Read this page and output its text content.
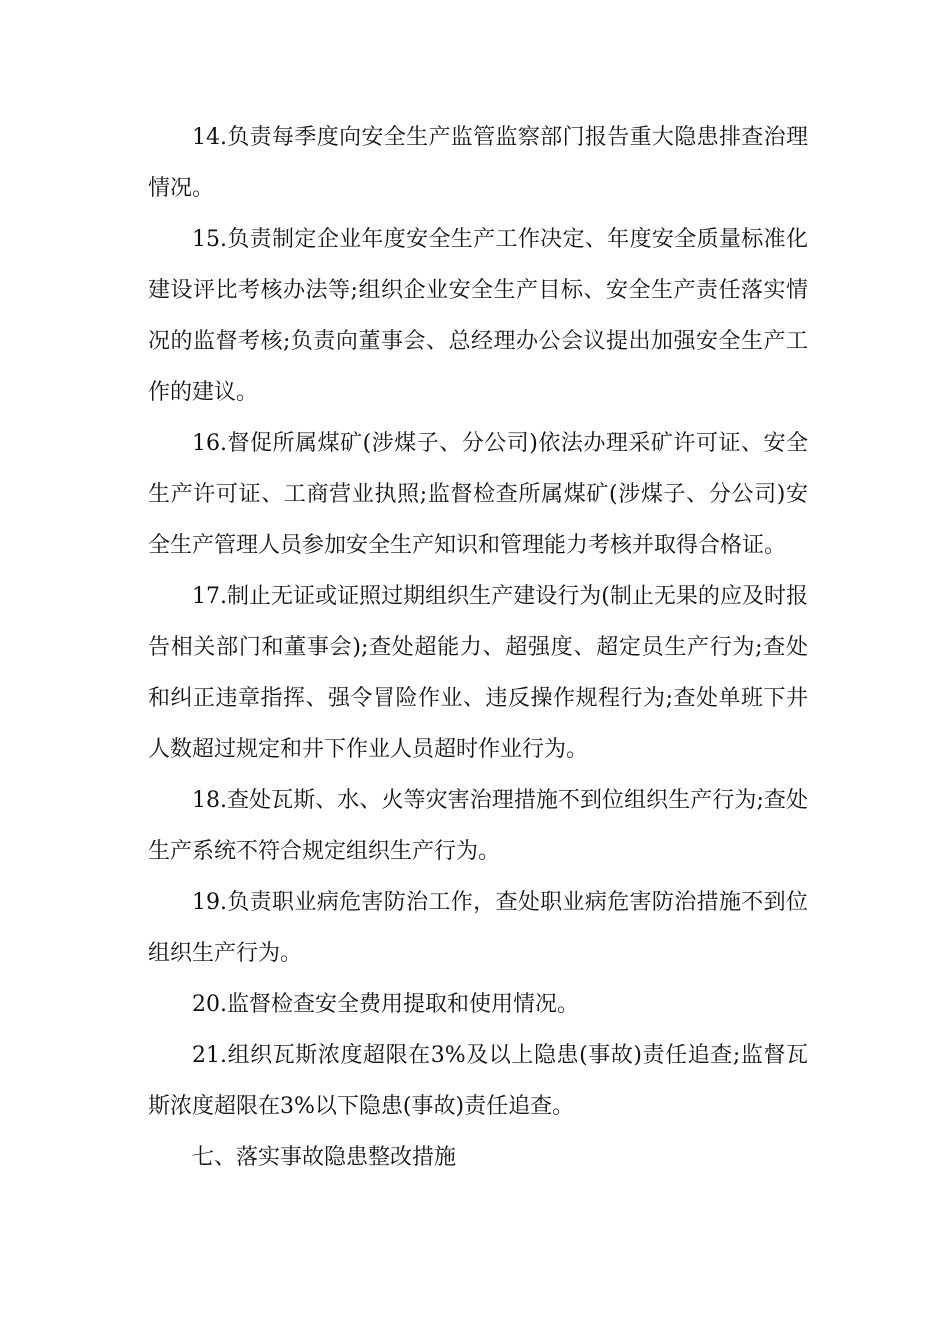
14.负责每季度向安全生产监管监察部门报告重大隐患排查治理情况。

15.负责制定企业年度安全生产工作决定、年度安全质量标准化建设评比考核办法等;组织企业安全生产目标、安全生产责任落实情况的监督考核;负责向董事会、总经理办公会议提出加强安全生产工作的建议。

16.督促所属煤矿(涉煤子、分公司)依法办理采矿许可证、安全生产许可证、工商营业执照;监督检查所属煤矿(涉煤子、分公司)安全生产管理人员参加安全生产知识和管理能力考核并取得合格证。

17.制止无证或证照过期组织生产建设行为(制止无果的应及时报告相关部门和董事会);查处超能力、超强度、超定员生产行为;查处和纠正违章指挥、强令冒险作业、违反操作规程行为;查处单班下井人数超过规定和井下作业人员超时作业行为。

18.查处瓦斯、水、火等灾害治理措施不到位组织生产行为;查处生产系统不符合规定组织生产行为。

19.负责职业病危害防治工作，查处职业病危害防治措施不到位组织生产行为。

20.监督检查安全费用提取和使用情况。

21.组织瓦斯浓度超限在3%及以上隐患(事故)责任追查;监督瓦斯浓度超限在3%以下隐患(事故)责任追查。

七、落实事故隐患整改措施
